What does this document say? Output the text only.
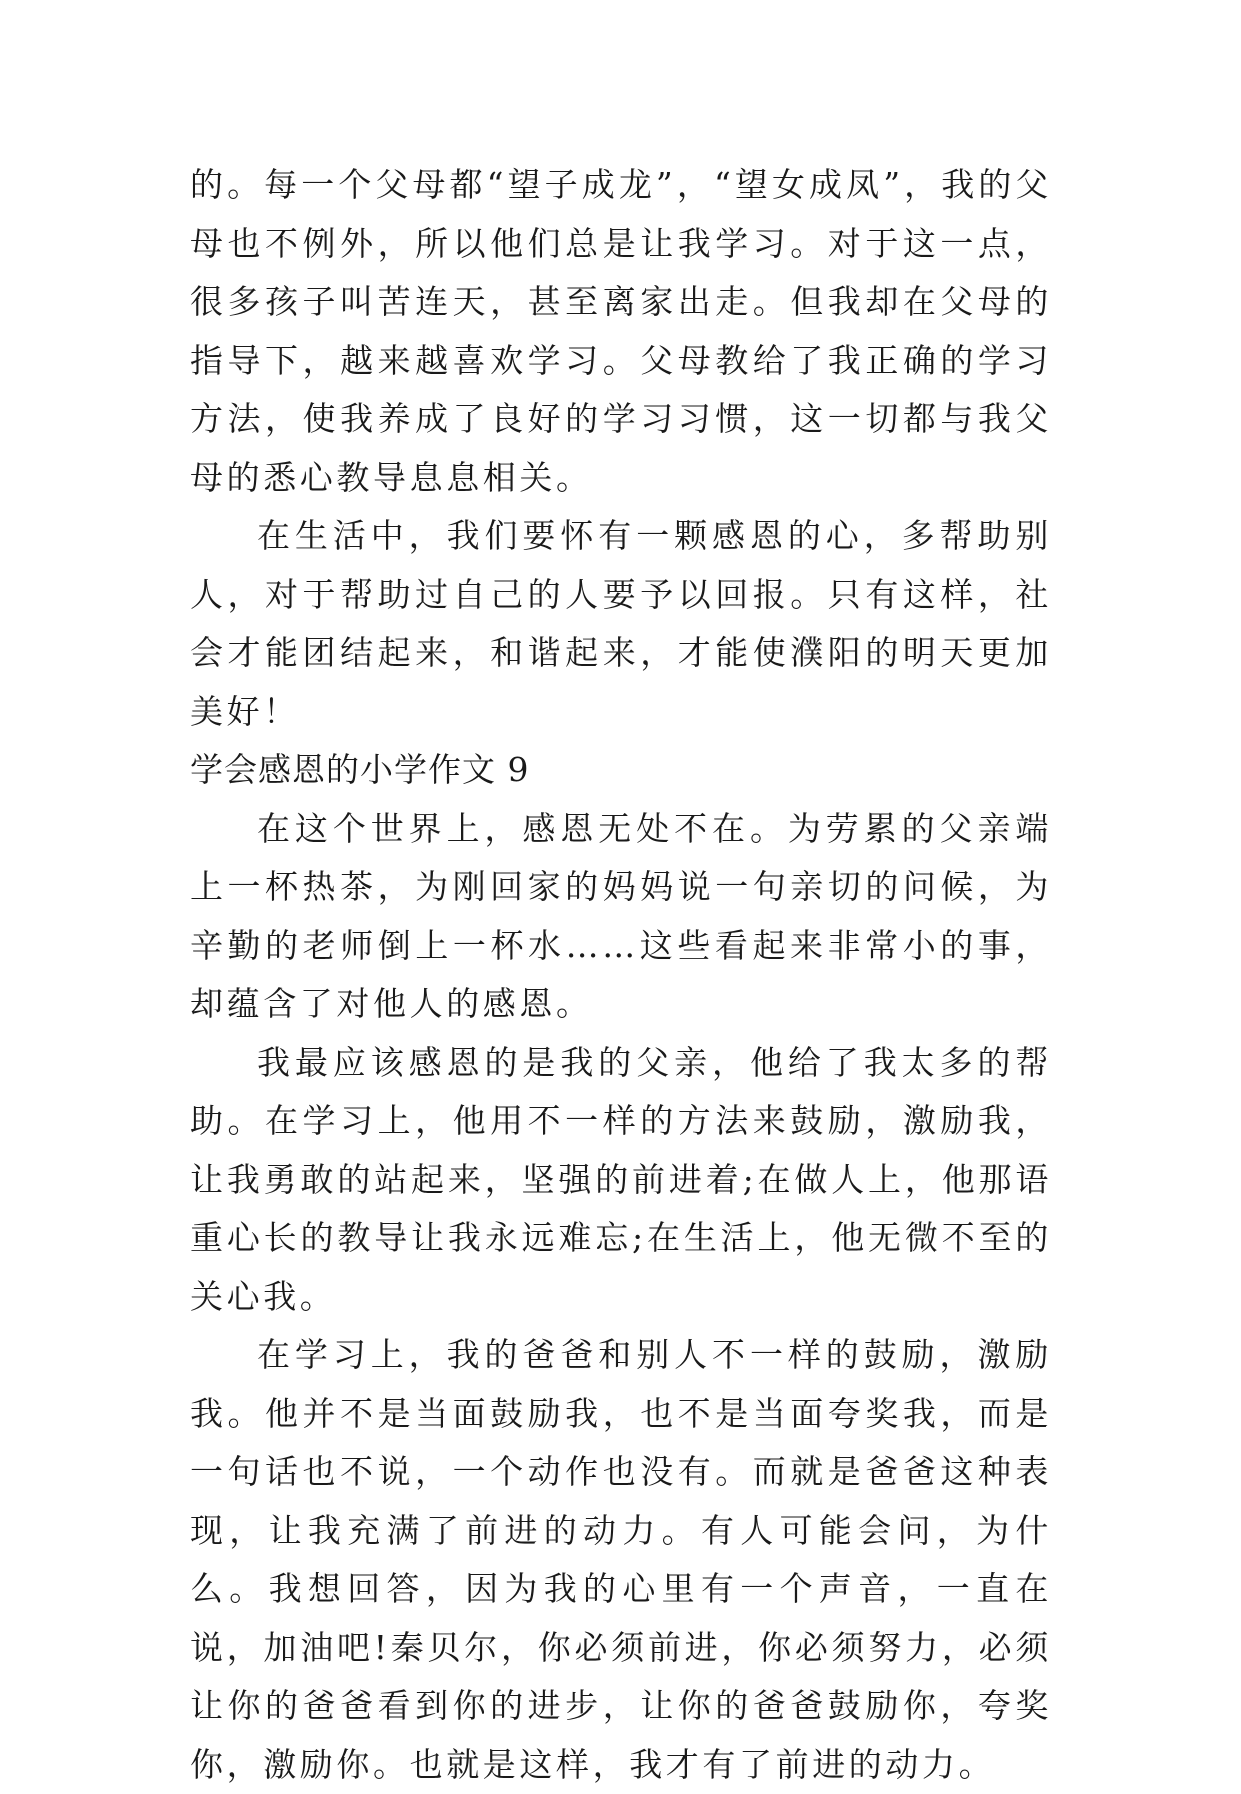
的。每一个父母都“望子成龙”，“望女成凤”，我的父母也不例外，所以他们总是让我学习。对于这一点，很多孩子叫苦连天，甚至离家出走。但我却在父母的指导下，越来越喜欢学习。父母教给了我正确的学习方法，使我养成了良好的学习习惯，这一切都与我父母的悉心教导息息相关。

在生活中，我们要怀有一颗感恩的心，多帮助别人，对于帮助过自己的人要予以回报。只有这样，社会才能团结起来，和谐起来，才能使濮阳的明天更加美好！

学会感恩的小学作文 9

在这个世界上，感恩无处不在。为劳累的父亲端上一杯热茶，为刚回家的妈妈说一句亲切的问候，为辛勤的老师倒上一杯水……这些看起来非常小的事，却蕴含了对他人的感恩。

我最应该感恩的是我的父亲，他给了我太多的帮助。在学习上，他用不一样的方法来鼓励，激励我，让我勇敢的站起来，坚强的前进着;在做人上，他那语重心长的教导让我永远难忘;在生活上，他无微不至的关心我。

在学习上，我的爸爸和别人不一样的鼓励，激励我。他并不是当面鼓励我，也不是当面夸奖我，而是一句话也不说，一个动作也没有。而就是爸爸这种表现，让我充满了前进的动力。有人可能会问，为什么。我想回答，因为我的心里有一个声音，一直在说，加油吧!秦贝尔，你必须前进，你必须努力，必须让你的爸爸看到你的进步，让你的爸爸鼓励你，夸奖你，激励你。也就是这样，我才有了前进的动力。
